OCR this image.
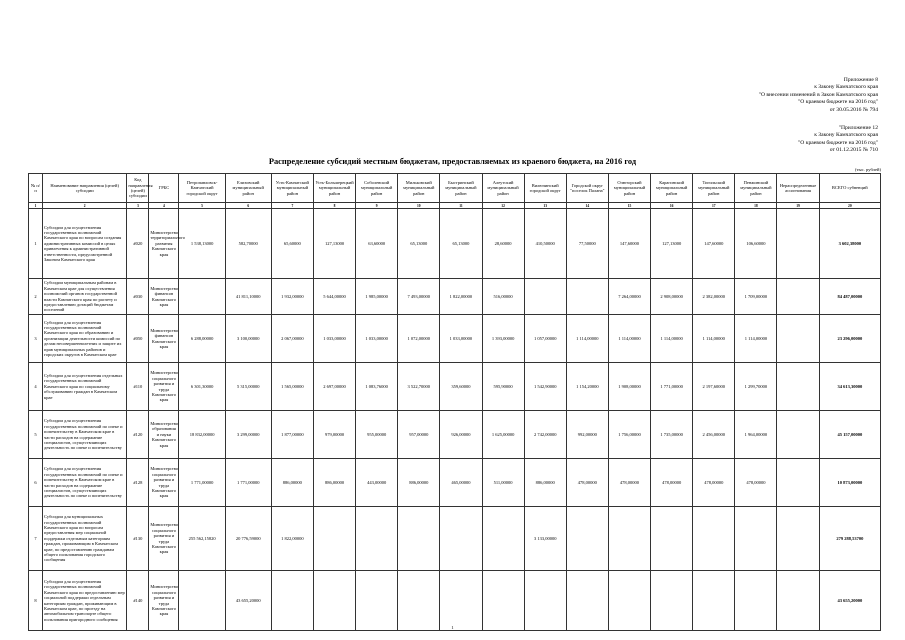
Приложение 8
к Закону Камчатского края
"О внесении изменений в Закон Камчатского края
"О краевом бюджете на 2016 год"
от 30.05.2016 № 794
"Приложение 12
к Закону Камчатского края
"О краевом бюджете на 2016 год"
от 01.12.2015 № 710
Распределение субсидий местным бюджетам, предоставляемых из краевого бюджета, на 2016 год
(тыс. рублей)
№ п/п	Наименование направления (целей) субсидии	Код направления (целей) субсидии	ГРБС	Петропавловск-Камчатский городской округ	Елизовский муниципальный район	Усть-Камчатский муниципальный район	Усть-Большерецкий муниципальный район	Соболевский муниципальный район	Мильковский муниципальный район	Быстринский муниципальный район	Алеутский муниципальный район	Вилючинский городской округ	Городской округ "поселок Палана"	Олюторский муниципальный район	Карагинский муниципальный район	Тигильский муниципальный район	Пенжинский муниципальный район	Нераспределенные ассигнования	ВСЕГО субвенций
1	2	3	4	5	6	7	8	9	10	11	12	13	14	15	16	17	18	19	20
1	Субсидии для осуществления государственных полномочий Камчатского края по вопросам создания административных комиссий в целях привлечения к административной ответственности, предусмотренной Законом Камчатского края	#020	Министерство территориального развития Камчатского края	1 538,13000	582,70000	65,60000	127,13000	63,60000	65,13000	65,13000	28,60000	410,50000	77,50000	147,60000	127,13000	147,60000	106,60000		3 602,38000
2	Субсидии муниципальным районам в Камчатском крае для осуществления полномочий органов государственной власти Камчатского края по расчету и предоставлению дотаций бюджетам поселений	#030	Министерство финансов Камчатского края		41 811,10000	1 932,00000	5 644,00000	1 985,00000	7 493,00000	1 822,00000	516,00000			7 264,00000	2 908,00000	2 382,00000	1 709,00000		84 487,00000
3	Субсидии для осуществления государственных полномочий Камчатского края по образованию и организации деятельности комиссий по делам несовершеннолетних и защите их прав муниципальных районов и городских округов в Камчатском крае	#050	Министерство финансов Камчатского края	6 288,00000	3 100,00000	2 067,00000	1 033,00000	1 033,00000	1 072,00000	1 033,00000	1 393,00000	1 057,00000	1 114,00000	1 114,00000	1 114,00000	1 114,00000	1 114,00000		23 296,00000
4	Субсидии для осуществления отдельных государственных полномочий Камчатского края по социальному обслуживанию граждан в Камчатском крае	#110	Министерство социального развития и труда Камчатского края	6 301,30000	5 315,00000	1 565,00000	2 697,00000	1 083,76000	3 522,70000	359,60000	595,90000	1 542,90000	1 154,20000	1 908,00000	1 771,00000	2 197,60000	1 299,70000		34 613,30000
5	Субсидии для осуществления государственных полномочий по опеке и попечительству в Камчатском крае в части расходов на содержание специалистов, осуществляющих деятельность по опеке и попечительству	#120	Министерство образования и науки Камчатского края	18 832,00000	3 299,00000	1 877,00000	979,00000	955,00000	957,00000	926,00000	1 625,00000	2 742,00000	992,00000	1 756,00000	1 735,00000	2 456,00000	1 964,00000		45 157,00000
6	Субсидии для осуществления государственных полномочий по опеке и попечительству в Камчатском крае в части расходов на содержание специалистов, осуществляющих деятельность по опеке и попечительству	#128	Министерство социального развития и труда Камчатского края	1 771,00000	1 771,00000	886,00000	886,00000	443,00000	886,00000	465,00000	511,00000	886,00000	478,00000	478,00000	478,00000	478,00000	478,00000		10 873,00000
7	Субсидии для муниципальных государственных полномочий Камчатского края по вопросам предоставления мер социальной поддержки отдельным категориям граждан, проживающим в Камчатском крае, по предоставлению гражданам общего пользования городского сообщения	#130	Министерство социального развития и труда Камчатского края	255 562,15820	20 776,59000	1 822,00000						3 133,00000							279 288,53700
8	Субсидии для осуществления государственных полномочий Камчатского края по предоставлению мер социальной поддержки отдельным категориям граждан, проживающим в Камчатском крае, по проезду на автомобильном транспорте общего пользования пригородного сообщения	#140	Министерство социального развития и труда Камчатского края		43 655,20000														43 655,20000
1
